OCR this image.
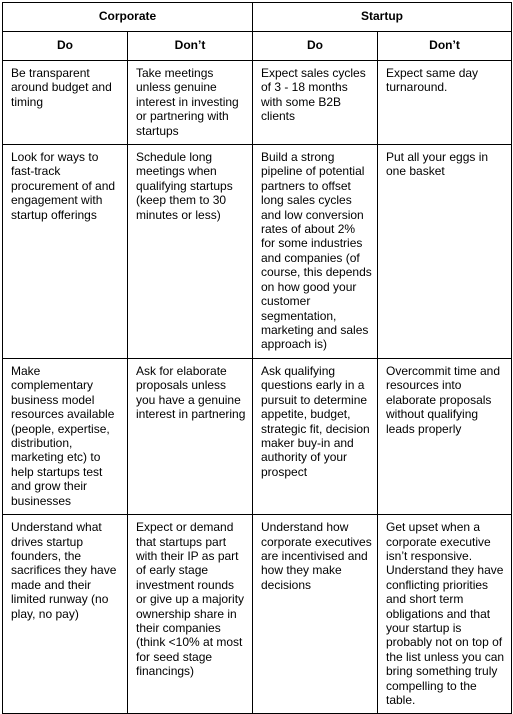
Corporate		Startup	
Do	Don’t	Do	Don’t
Be transparent around budget and timing	Take meetings unless genuine interest in investing or partnering with startups	Expect sales cycles of 3 - 18 months with some B2B clients	Expect same day turnaround.
Look for ways to fast-track procurement of and engagement with startup offerings	Schedule long meetings when qualifying startups (keep them to 30 minutes or less)	Build a strong pipeline of potential partners to offset long sales cycles and low conversion rates of about 2% for some industries and companies (of course, this depends on how good your customer segmentation, marketing and sales approach is)	Put all your eggs in one basket
Make complementary business model resources available (people, expertise, distribution, marketing etc) to help startups test and grow their businesses	Ask for elaborate proposals unless you have a genuine interest in partnering	Ask qualifying questions early in a pursuit to determine appetite, budget, strategic fit, decision maker buy-in and authority of your prospect	Overcommit time and resources into elaborate proposals without qualifying leads properly
Understand what drives startup founders, the sacrifices they have made and their limited runway (no play, no pay)	Expect or demand that startups part with their IP as part of early stage investment rounds or give up a majority ownership share in their companies (think <10% at most for seed stage financings)	Understand how corporate executives are incentivised and how they make decisions	Get upset when a corporate executive isn’t responsive. Understand they have conflicting priorities and short term obligations and that your startup is probably not on top of the list unless you can bring something truly compelling to the table.
